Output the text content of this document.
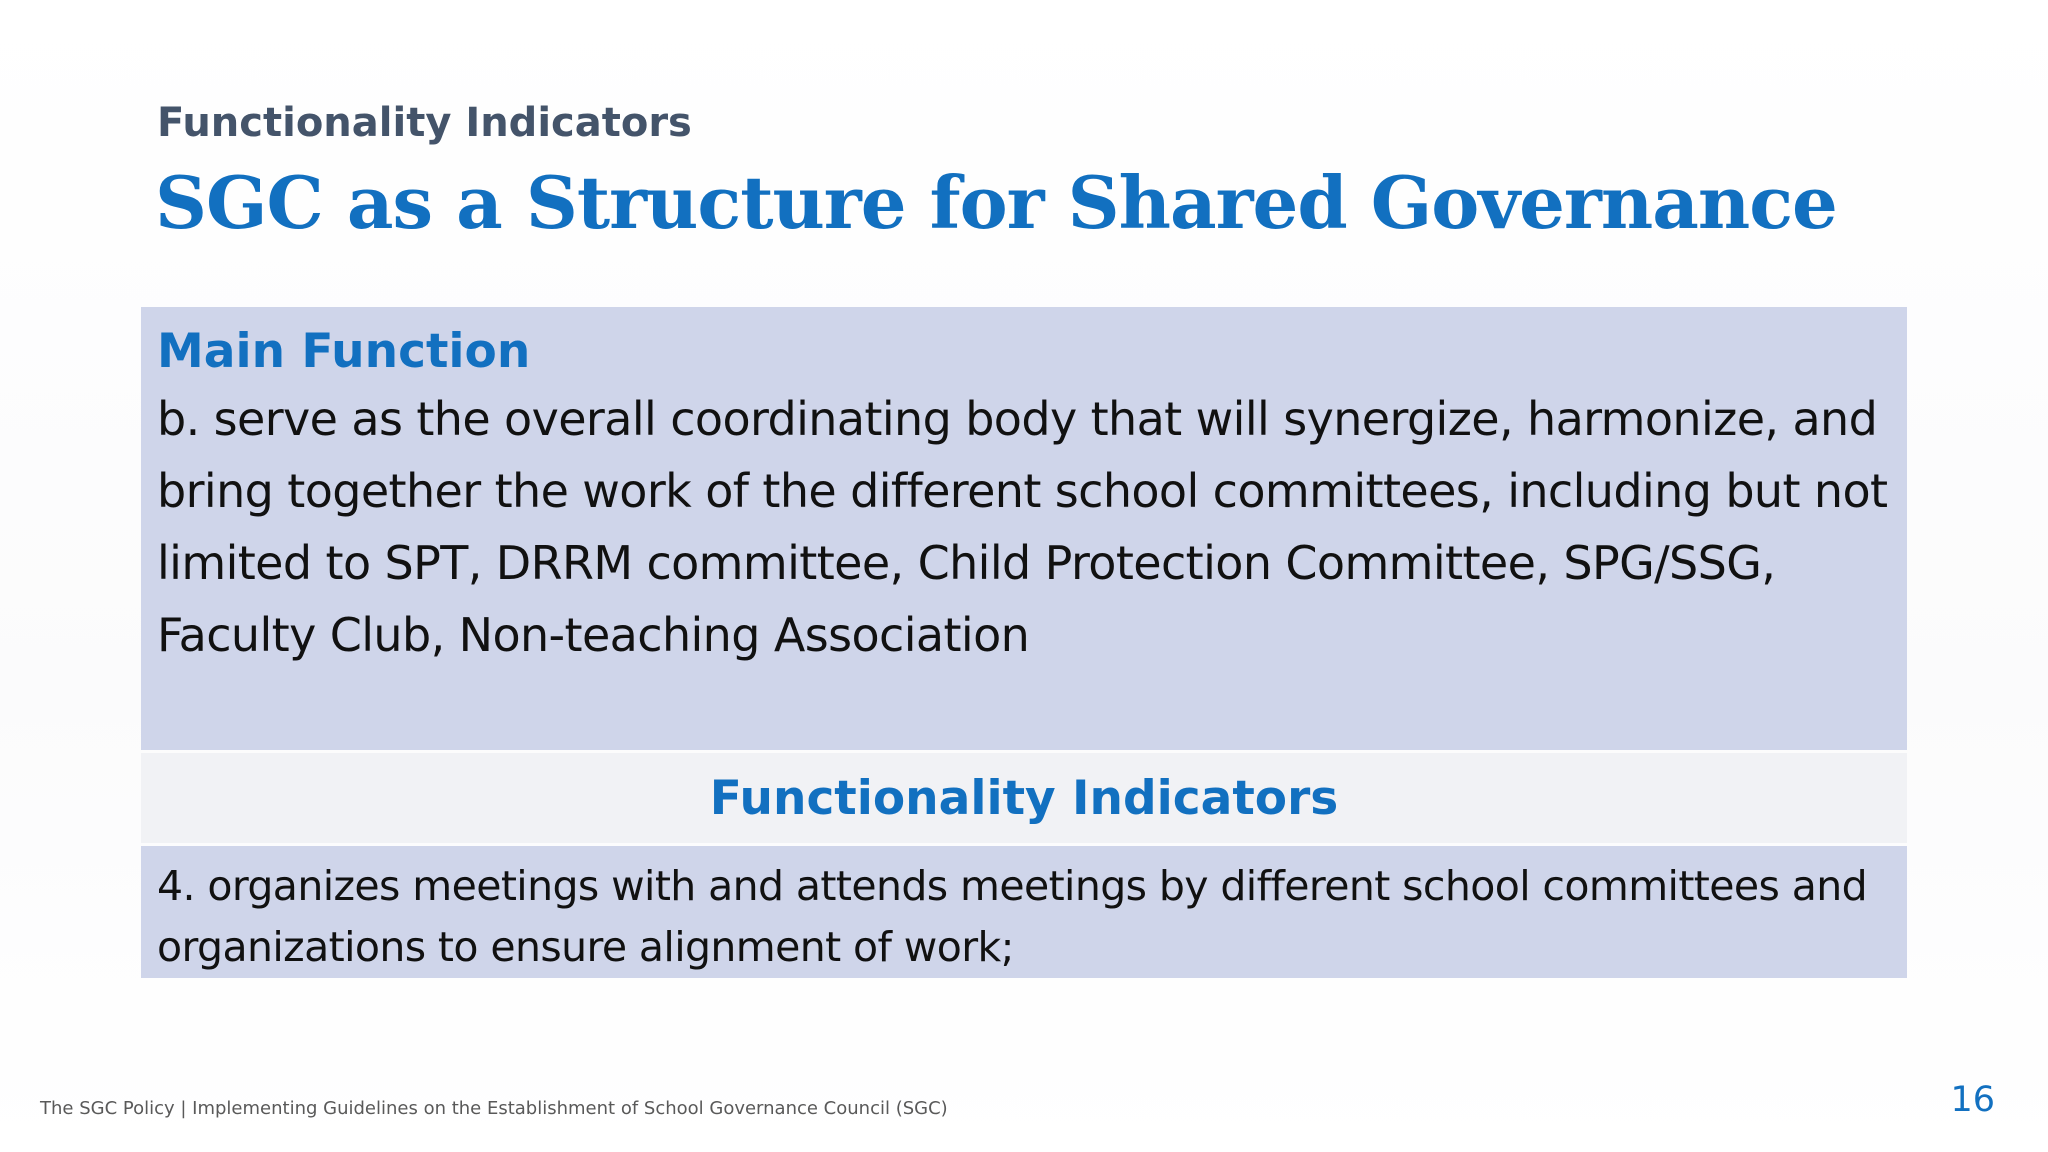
Functionality Indicators
SGC as a Structure for Shared Governance
Main Function
b. serve as the overall coordinating body that will synergize, harmonize, and bring together the work of the different school committees, including but not limited to SPT, DRRM committee, Child Protection Committee, SPG/SSG, Faculty Club, Non-teaching Association
Functionality Indicators
4. organizes meetings with and attends meetings by different school committees and organizations to ensure alignment of work;
The SGC Policy | Implementing Guidelines on the Establishment of School Governance Council (SGC)	16
